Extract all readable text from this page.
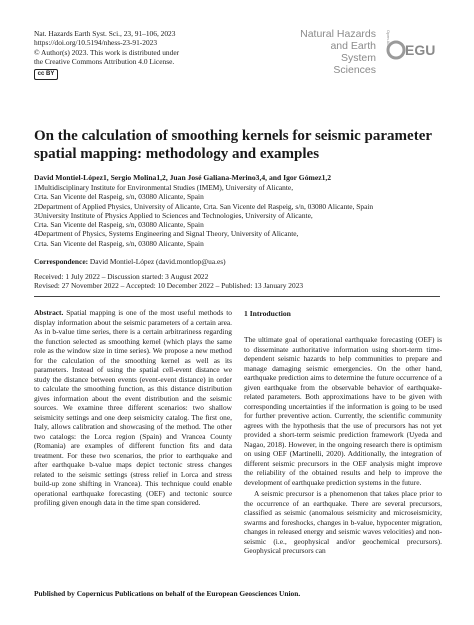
Nat. Hazards Earth Syst. Sci., 23, 91–106, 2023
https://doi.org/10.5194/nhess-23-91-2023
© Author(s) 2023. This work is distributed under
the Creative Commons Attribution 4.0 License.
cc BY
Natural Hazards
and Earth System
Sciences
Open Access EGU
On the calculation of smoothing kernels for seismic parameter spatial mapping: methodology and examples
David Montiel-López1, Sergio Molina1,2, Juan José Galiana-Merino3,4, and Igor Gómez1,2
1Multidisciplinary Institute for Environmental Studies (IMEM), University of Alicante,
Crta. San Vicente del Raspeig, s/n, 03080 Alicante, Spain
2Department of Applied Physics, University of Alicante, Crta. San Vicente del Raspeig, s/n, 03080 Alicante, Spain
3University Institute of Physics Applied to Sciences and Technologies, University of Alicante,
Crta. San Vicente del Raspeig, s/n, 03080 Alicante, Spain
4Department of Physics, Systems Engineering and Signal Theory, University of Alicante,
Crta. San Vicente del Raspeig, s/n, 03080 Alicante, Spain
Correspondence: David Montiel-López (david.montlop@ua.es)
Received: 1 July 2022 – Discussion started: 3 August 2022
Revised: 27 November 2022 – Accepted: 10 December 2022 – Published: 13 January 2023
Abstract. Spatial mapping is one of the most useful methods to display information about the seismic parameters of a certain area. As in b-value time series, there is a certain arbitrariness regarding the function selected as smoothing kernel (which plays the same role as the window size in time series). We propose a new method for the calculation of the smoothing kernel as well as its parameters. Instead of using the spatial cell-event distance we study the distance between events (event-event distance) in order to calculate the smoothing function, as this distance distribution gives information about the event distribution and the seismic sources. We examine three different scenarios: two shallow seismicity settings and one deep seismicity catalog. The first one, Italy, allows calibration and showcasing of the method. The other two catalogs: the Lorca region (Spain) and Vrancea County (Romania) are examples of different function fits and data treatment. For these two scenarios, the prior to earthquake and after earthquake b-value maps depict tectonic stress changes related to the seismic settings (stress relief in Lorca and stress build-up zone shifting in Vrancea). This technique could enable operational earthquake forecasting (OEF) and tectonic source profiling given enough data in the time span considered.
1 Introduction

The ultimate goal of operational earthquake forecasting (OEF) is to disseminate authoritative information using short-term time-dependent seismic hazards to help communities to prepare and manage damaging seismic emergencies. On the other hand, earthquake prediction aims to determine the future occurrence of a given earthquake from the observable behavior of earthquake-related parameters. Both approximations have to be given with corresponding uncertainties if the information is going to be used for further preventive action. Currently, the scientific community agrees with the hypothesis that the use of precursors has not yet provided a short-term seismic prediction framework (Uyeda and Nagao, 2018). However, in the ongoing research there is optimism on using OEF (Martinelli, 2020). Additionally, the integration of different seismic precursors in the OEF analysis might improve the reliability of the obtained results and help to improve the development of earthquake prediction systems in the future.

A seismic precursor is a phenomenon that takes place prior to the occurrence of an earthquake. There are several precursors, classified as seismic (anomalous seismicity and microseismicity, swarms and foreshocks, changes in b-value, hypocenter migration, changes in released energy and seismic waves velocities) and non-seismic (i.e., geophysical and/or geochemical precursors). Geophysical precursors can

Published by Copernicus Publications on behalf of the European Geosciences Union.
